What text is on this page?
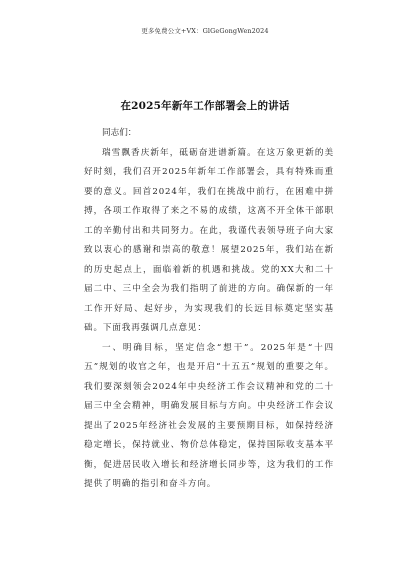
更多免费公文+VX：GlGeGongWen2024
在2025年新年工作部署会上的讲话

同志们：

瑞雪飘香庆新年，砥砺奋进谱新篇。在这万象更新的美好时刻，我们召开2025年新年工作部署会，具有特殊而重要的意义。回首2024年，我们在挑战中前行，在困难中拼搏，各项工作取得了来之不易的成绩，这离不开全体干部职工的辛勤付出和共同努力。在此，我谨代表领导班子向大家致以衷心的感谢和崇高的敬意！展望2025年，我们站在新的历史起点上，面临着新的机遇和挑战。党的XX大和二十届二中、三中全会为我们指明了前进的方向。确保新的一年工作开好局、起好步，为实现我们的长远目标奠定坚实基础。下面我再强调几点意见：

一、明确目标，坚定信念“想干”。2025年是“十四五”规划的收官之年，也是开启“十五五”规划的重要之年。我们要深刻领会2024年中央经济工作会议精神和党的二十届三中全会精神，明确发展目标与方向。中央经济工作会议提出了2025年经济社会发展的主要预期目标，如保持经济稳定增长，保持就业、物价总体稳定，保持国际收支基本平衡，促进居民收入增长和经济增长同步等，这为我们的工作提供了明确的指引和奋斗方向。
